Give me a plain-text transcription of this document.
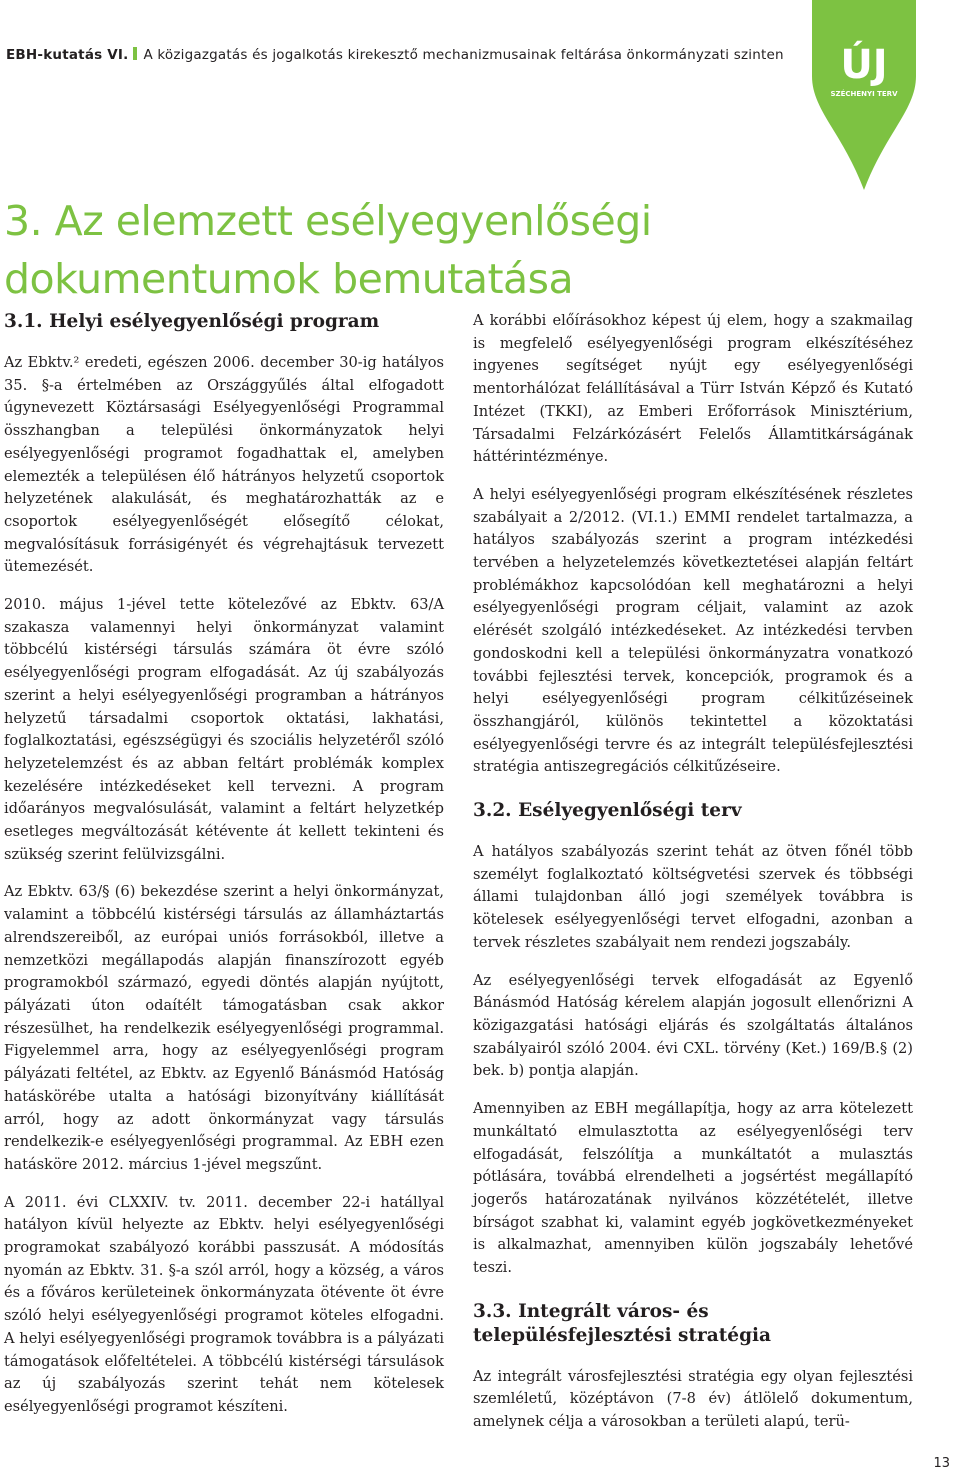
EBH-kutatás VI. A közigazgatás és jogalkotás kirekesztő mechanizmusainak feltárása önkormányzati szinten ÚJ
SZÉCHENYI TERV
3. Az elemzett esélyegyenlőségi dokumentumok bemutatása
3.1. Helyi esélyegyenlőségi program

Az Ebktv.² eredeti, egészen 2006. december 30-ig hatályos 35. §-a értelmében az Országgyűlés által elfogadott úgynevezett Köztársasági Esélyegyenlőségi Programmal összhangban a települési önkormányzatok helyi esélyegyenlőségi programot fogadhattak el, amelyben elemezték a településen élő hátrányos helyzetű csoportok helyzetének alakulását, és meghatározhatták az e csoportok esélyegyenlőségét elősegítő célokat, megvalósításuk forrásigényét és végrehajtásuk tervezett ütemezését.

2010. május 1-jével tette kötelezővé az Ebktv. 63/A szakasza valamennyi helyi önkormányzat valamint többcélú kistérségi társulás számára öt évre szóló esélyegyenlőségi program elfogadását. Az új szabályozás szerint a helyi esélyegyenlőségi programban a hátrányos helyzetű társadalmi csoportok oktatási, lakhatási, foglalkoztatási, egészségügyi és szociális helyzetéről szóló helyzetelemzést és az abban feltárt problémák komplex kezelésére intézkedéseket kell tervezni. A program időarányos megvalósulását, valamint a feltárt helyzetkép esetleges megváltozását kétévente át kellett tekinteni és szükség szerint felülvizsgálni.

Az Ebktv. 63/§ (6) bekezdése szerint a helyi önkormányzat, valamint a többcélú kistérségi társulás az államháztartás alrendszereiből, az európai uniós forrásokból, illetve a nemzetközi megállapodás alapján finanszírozott egyéb programokból származó, egyedi döntés alapján nyújtott, pályázati úton odaítélt támogatásban csak akkor részesülhet, ha rendelkezik esélyegyenlőségi programmal. Figyelemmel arra, hogy az esélyegyenlőségi program pályázati feltétel, az Ebktv. az Egyenlő Bánásmód Hatóság hatáskörébe utalta a hatósági bizonyítvány kiállítását arról, hogy az adott önkormányzat vagy társulás rendelkezik-e esélyegyenlőségi programmal. Az EBH ezen hatásköre 2012. március 1-jével megszűnt.

A 2011. évi CLXXIV. tv. 2011. december 22-i hatállyal hatályon kívül helyezte az Ebktv. helyi esélyegyenlőségi programokat szabályozó korábbi passzusát. A módosítás nyomán az Ebktv. 31. §-a szól arról, hogy a község, a város és a főváros kerületeinek önkormányzata ötévente öt évre szóló helyi esélyegyenlőségi programot köteles elfogadni. A helyi esélyegyenlőségi programok továbbra is a pályázati támogatások előfeltételei. A többcélú kistérségi társulások az új szabályozás szerint tehát nem kötelesek esélyegyenlőségi programot készíteni.

A korábbi előírásokhoz képest új elem, hogy a szakmailag is megfelelő esélyegyenlőségi program elkészítéséhez ingyenes segítséget nyújt egy esélyegyenlőségi mentorhálózat felállításával a Türr István Képző és Kutató Intézet (TKKI), az Emberi Erőforrások Minisztérium, Társadalmi Felzárkózásért Felelős Államtitkárságának háttérintézménye.

A helyi esélyegyenlőségi program elkészítésének részletes szabályait a 2/2012. (VI.1.) EMMI rendelet tartalmazza, a hatályos szabályozás szerint a program intézkedési tervében a helyzetelemzés következtetései alapján feltárt problémákhoz kapcsolódóan kell meghatározni a helyi esélyegyenlőségi program céljait, valamint az azok elérését szolgáló intézkedéseket. Az intézkedési tervben gondoskodni kell a települési önkormányzatra vonatkozó további fejlesztési tervek, koncepciók, programok és a helyi esélyegyenlőségi program célkitűzéseinek összhangjáról, különös tekintettel a közoktatási esélyegyenlőségi tervre és az integrált településfejlesztési stratégia antiszegregációs célkitűzéseire.

3.2. Esélyegyenlőségi terv

A hatályos szabályozás szerint tehát az ötven főnél több személyt foglalkoztató költségvetési szervek és többségi állami tulajdonban álló jogi személyek továbbra is kötelesek esélyegyenlőségi tervet elfogadni, azonban a tervek részletes szabályait nem rendezi jogszabály.

Az esélyegyenlőségi tervek elfogadását az Egyenlő Bánásmód Hatóság kérelem alapján jogosult ellenőrizni A közigazgatási hatósági eljárás és szolgáltatás általános szabályairól szóló 2004. évi CXL. törvény (Ket.) 169/B.§ (2) bek. b) pontja alapján.

Amennyiben az EBH megállapítja, hogy az arra kötelezett munkáltató elmulasztotta az esélyegyenlőségi terv elfogadását, felszólítja a munkáltatót a mulasztás pótlására, továbbá elrendelheti a jogsértést megállapító jogerős határozatának nyilvános közzétételét, illetve bírságot szabhat ki, valamint egyéb jogkövetkezményeket is alkalmazhat, amennyiben külön jogszabály lehetővé teszi.

3.3. Integrált város- és településfejlesztési stratégia

Az integrált városfejlesztési stratégia egy olyan fejlesztési szemléletű, középtávon (7-8 év) átlölelő dokumentum, amelynek célja a városokban a területi alapú, terü-

13
